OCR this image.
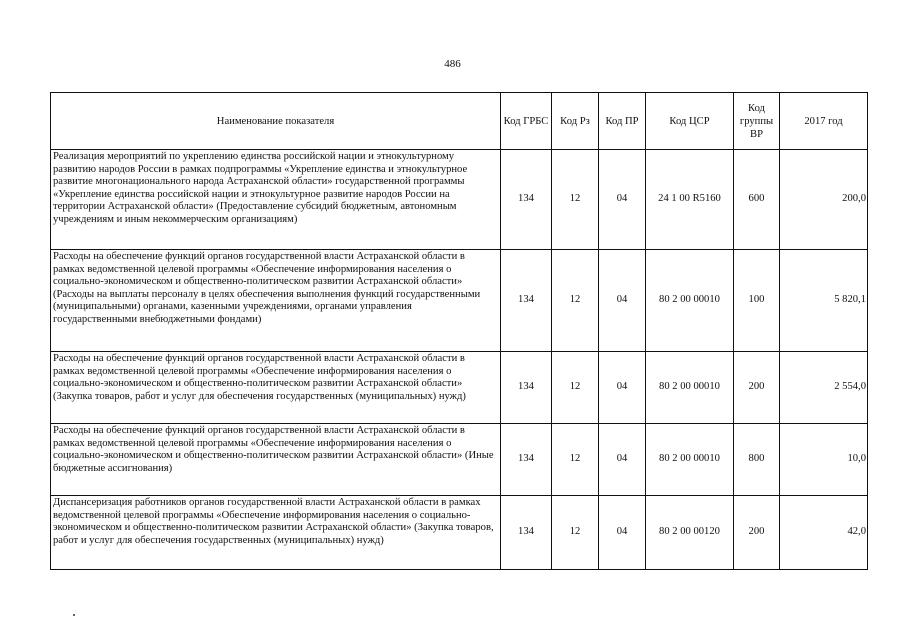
486
Наименование показателя	Код ГРБС	Код Рз	Код ПР	Код ЦСР	Код группы ВР	2017 год
Реализация мероприятий по укреплению единства российской нации и этнокультурному развитию народов России в рамках подпрограммы «Укрепление единства и этнокультурное развитие многонационального народа Астраханской области» государственной программы «Укрепление единства российской нации и этнокультурное развитие народов России на территории Астраханской области» (Предоставление субсидий бюджетным, автономным учреждениям и иным некоммерческим организациям)	134	12	04	24 1 00 R5160	600	200,0
Расходы на обеспечение функций органов государственной власти Астраханской области в рамках ведомственной целевой программы «Обеспечение информирования населения о социально-экономическом и общественно-политическом развитии Астраханской области» (Расходы на выплаты персоналу в целях обеспечения выполнения функций государственными (муниципальными) органами, казенными учреждениями, органами управления государственными внебюджетными фондами)	134	12	04	80 2 00 00010	100	5 820,1
Расходы на обеспечение функций органов государственной власти Астраханской области в рамках ведомственной целевой программы «Обеспечение информирования населения о социально-экономическом и общественно-политическом развитии Астраханской области» (Закупка товаров, работ и услуг для обеспечения государственных (муниципальных) нужд)	134	12	04	80 2 00 00010	200	2 554,0
Расходы на обеспечение функций органов государственной власти Астраханской области в рамках ведомственной целевой программы «Обеспечение информирования населения о социально-экономическом и общественно-политическом развитии Астраханской области» (Иные бюджетные ассигнования)	134	12	04	80 2 00 00010	800	10,0
Диспансеризация работников органов государственной власти Астраханской области в рамках ведомственной целевой программы «Обеспечение информирования населения о социально-экономическом и общественно-политическом развитии Астраханской области» (Закупка товаров, работ и услуг для обеспечения государственных (муниципальных) нужд)	134	12	04	80 2 00 00120	200	42,0
